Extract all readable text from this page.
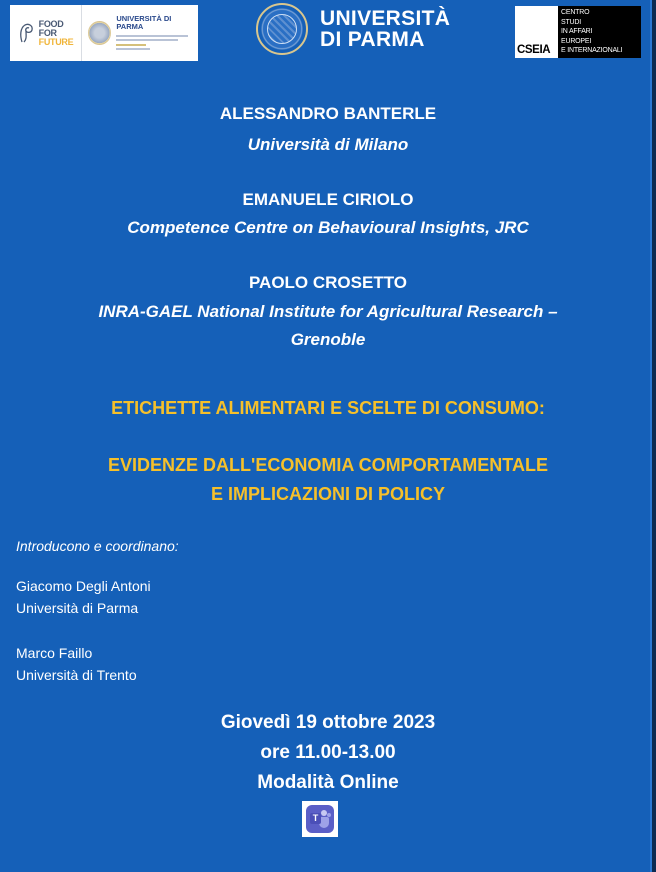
FOOD
FOR
FUTURE
UNIVERSITÀ DI PARMA	UNIVERSITÀ
DI PARMA	CSEIA
CENTRO
STUDI
IN AFFARI
EUROPEI
E INTERNAZIONALI
ALESSANDRO BANTERLE
Università di Milano
EMANUELE CIRIOLO
Competence Centre on Behavioural Insights, JRC
PAOLO CROSETTO
INRA-GAEL National Institute for Agricultural Research –
Grenoble
ETICHETTE ALIMENTARI E SCELTE DI CONSUMO:
EVIDENZE DALL'ECONOMIA COMPORTAMENTALE
E IMPLICAZIONI DI POLICY
Introducono e coordinano:
Giacomo Degli Antoni
Università di Parma
Marco Faillo
Università di Trento
Giovedì 19 ottobre 2023
ore 11.00-13.00
Modalità Online
T
